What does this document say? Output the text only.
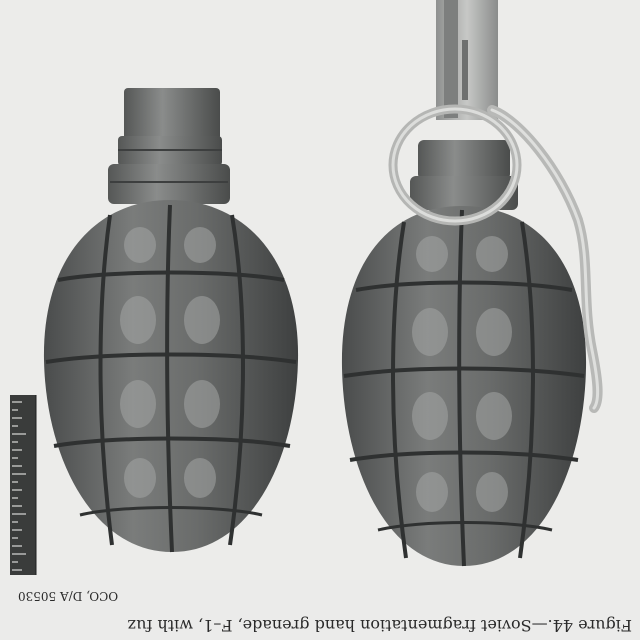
OCO, D/A 50530
Figure 44.—Soviet fragmentation hand grenade, F–1, with fuz
